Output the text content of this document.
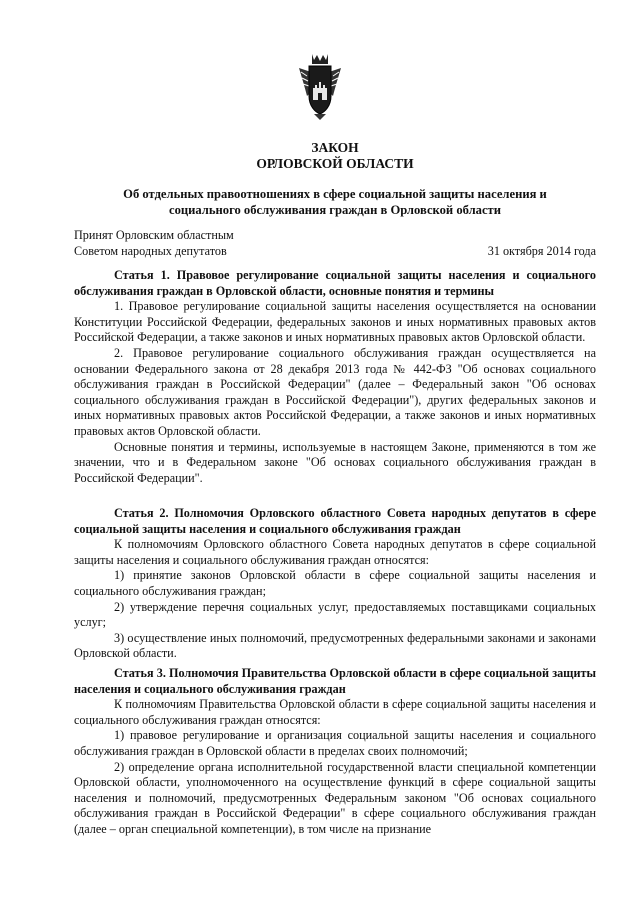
ЗАКОН
ОРЛОВСКОЙ ОБЛАСТИ
Об отдельных правоотношениях в сфере социальной защиты населения и
социального обслуживания граждан в Орловской области
Принят Орловским областным
Советом народных депутатов	31 октября 2014 года
Статья 1. Правовое регулирование социальной защиты населения и социального обслуживания граждан в Орловской области, основные понятия и термины

1. Правовое регулирование социальной защиты населения осуществляется на основании Конституции Российской Федерации, федеральных законов и иных нормативных правовых актов Российской Федерации, а также законов и иных нормативных правовых актов Орловской области.

2. Правовое регулирование социального обслуживания граждан осуществляется на основании Федерального закона от 28 декабря 2013 года № 442-ФЗ "Об основах социального обслуживания граждан в Российской Федерации" (далее – Федеральный закон "Об основах социального обслуживания граждан в Российской Федерации"), других федеральных законов и иных нормативных правовых актов Российской Федерации, а также законов и иных нормативных правовых актов Орловской области.

Основные понятия и термины, используемые в настоящем Законе, применяются в том же значении, что и в Федеральном законе "Об основах социального обслуживания граждан в Российской Федерации".

Статья 2. Полномочия Орловского областного Совета народных депутатов в сфере социальной защиты населения и социального обслуживания граждан

К полномочиям Орловского областного Совета народных депутатов в сфере социальной защиты населения и социального обслуживания граждан относятся:

1) принятие законов Орловской области в сфере социальной защиты населения и социального обслуживания граждан;

2) утверждение перечня социальных услуг, предоставляемых поставщиками социальных услуг;

3) осуществление иных полномочий, предусмотренных федеральными законами и законами Орловской области.

Статья 3. Полномочия Правительства Орловской области в сфере социальной защиты населения и социального обслуживания граждан

К полномочиям Правительства Орловской области в сфере социальной защиты населения и социального обслуживания граждан относятся:

1) правовое регулирование и организация социальной защиты населения и социального обслуживания граждан в Орловской области в пределах своих полномочий;

2) определение органа исполнительной государственной власти специальной компетенции Орловской области, уполномоченного на осуществление функций в сфере социальной защиты населения и полномочий, предусмотренных Федеральным законом "Об основах социального обслуживания граждан в Российской Федерации" в сфере социального обслуживания граждан (далее – орган специальной компетенции), в том числе на признание
